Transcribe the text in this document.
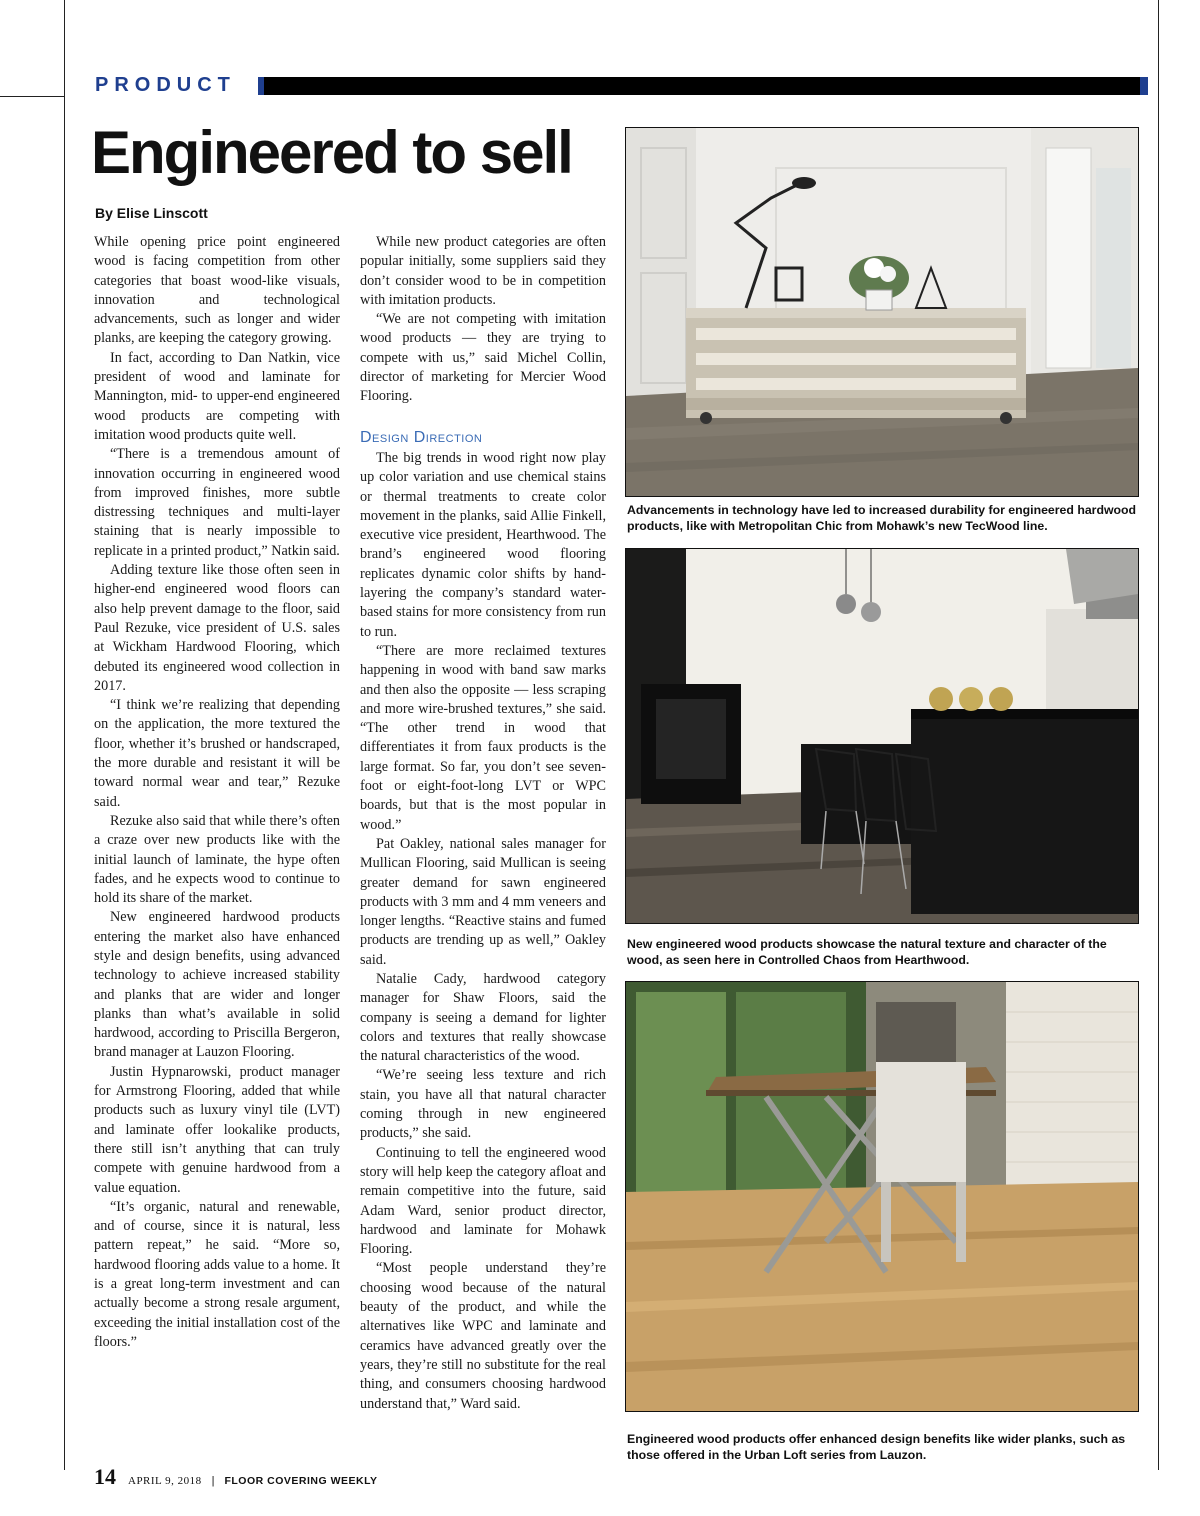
PRODUCT
Engineered to sell
By Elise Linscott

While opening price point engineered wood is facing competition from other categories that boast wood-like visuals, innovation and technological advancements, such as longer and wider planks, are keeping the category growing.

In fact, according to Dan Natkin, vice president of wood and laminate for Mannington, mid- to upper-end engineered wood products are competing with imitation wood products quite well.

“There is a tremendous amount of innovation occurring in engineered wood from improved finishes, more subtle distressing techniques and multi-layer staining that is nearly impossible to replicate in a printed product,” Natkin said.

Adding texture like those often seen in higher-end engineered wood floors can also help prevent damage to the floor, said Paul Rezuke, vice president of U.S. sales at Wickham Hardwood Flooring, which debuted its engineered wood collection in 2017.

“I think we’re realizing that depending on the application, the more textured the floor, whether it’s brushed or handscraped, the more durable and resistant it will be toward normal wear and tear,” Rezuke said.

Rezuke also said that while there’s often a craze over new products like with the initial launch of laminate, the hype often fades, and he expects wood to continue to hold its share of the market.

New engineered hardwood products entering the market also have enhanced style and design benefits, using advanced technology to achieve increased stability and planks that are wider and longer planks than what’s available in solid hardwood, according to Priscilla Bergeron, brand manager at Lauzon Flooring.

Justin Hypnarowski, product manager for Armstrong Flooring, added that while products such as luxury vinyl tile (LVT) and laminate offer lookalike products, there still isn’t anything that can truly compete with genuine hardwood from a value equation.

“It’s organic, natural and renewable, and of course, since it is natural, less pattern repeat,” he said. “More so, hardwood flooring adds value to a home. It is a great long-term investment and can actually become a strong resale argument, exceeding the initial installation cost of the floors.”

While new product categories are often popular initially, some suppliers said they don’t consider wood to be in competition with imitation products.

“We are not competing with imitation wood products — they are trying to compete with us,” said Michel Collin, director of marketing for Mercier Wood Flooring.

Design Direction

The big trends in wood right now play up color variation and use chemical stains or thermal treatments to create color movement in the planks, said Allie Finkell, executive vice president, Hearthwood. The brand’s engineered wood flooring replicates dynamic color shifts by hand-layering the company’s standard water-based stains for more consistency from run to run.

“There are more reclaimed textures happening in wood with band saw marks and then also the opposite — less scraping and more wire-brushed textures,” she said. “The other trend in wood that differentiates it from faux products is the large format. So far, you don’t see seven-foot or eight-foot-long LVT or WPC boards, but that is the most popular in wood.”

Pat Oakley, national sales manager for Mullican Flooring, said Mullican is seeing greater demand for sawn engineered products with 3 mm and 4 mm veneers and longer lengths. “Reactive stains and fumed products are trending up as well,” Oakley said.

Natalie Cady, hardwood category manager for Shaw Floors, said the company is seeing a demand for lighter colors and textures that really showcase the natural characteristics of the wood.

“We’re seeing less texture and rich stain, you have all that natural character coming through in new engineered products,” she said.

Continuing to tell the engineered wood story will help keep the category afloat and remain competitive into the future, said Adam Ward, senior product director, hardwood and laminate for Mohawk Flooring.

“Most people understand they’re choosing wood because of the natural beauty of the product, and while the alternatives like WPC and laminate and ceramics have advanced greatly over the years, they’re still no substitute for the real thing, and consumers choosing hardwood understand that,” Ward said.

Advancements in technology have led to increased durability for engineered hardwood products, like with Metropolitan Chic from Mohawk’s new TecWood line.
New engineered wood products showcase the natural texture and character of the wood, as seen here in Controlled Chaos from Hearthwood.
Engineered wood products offer enhanced design benefits like wider planks, such as those offered in the Urban Loft series from Lauzon.
14 APRIL 9, 2018 | FLOOR COVERING WEEKLY
